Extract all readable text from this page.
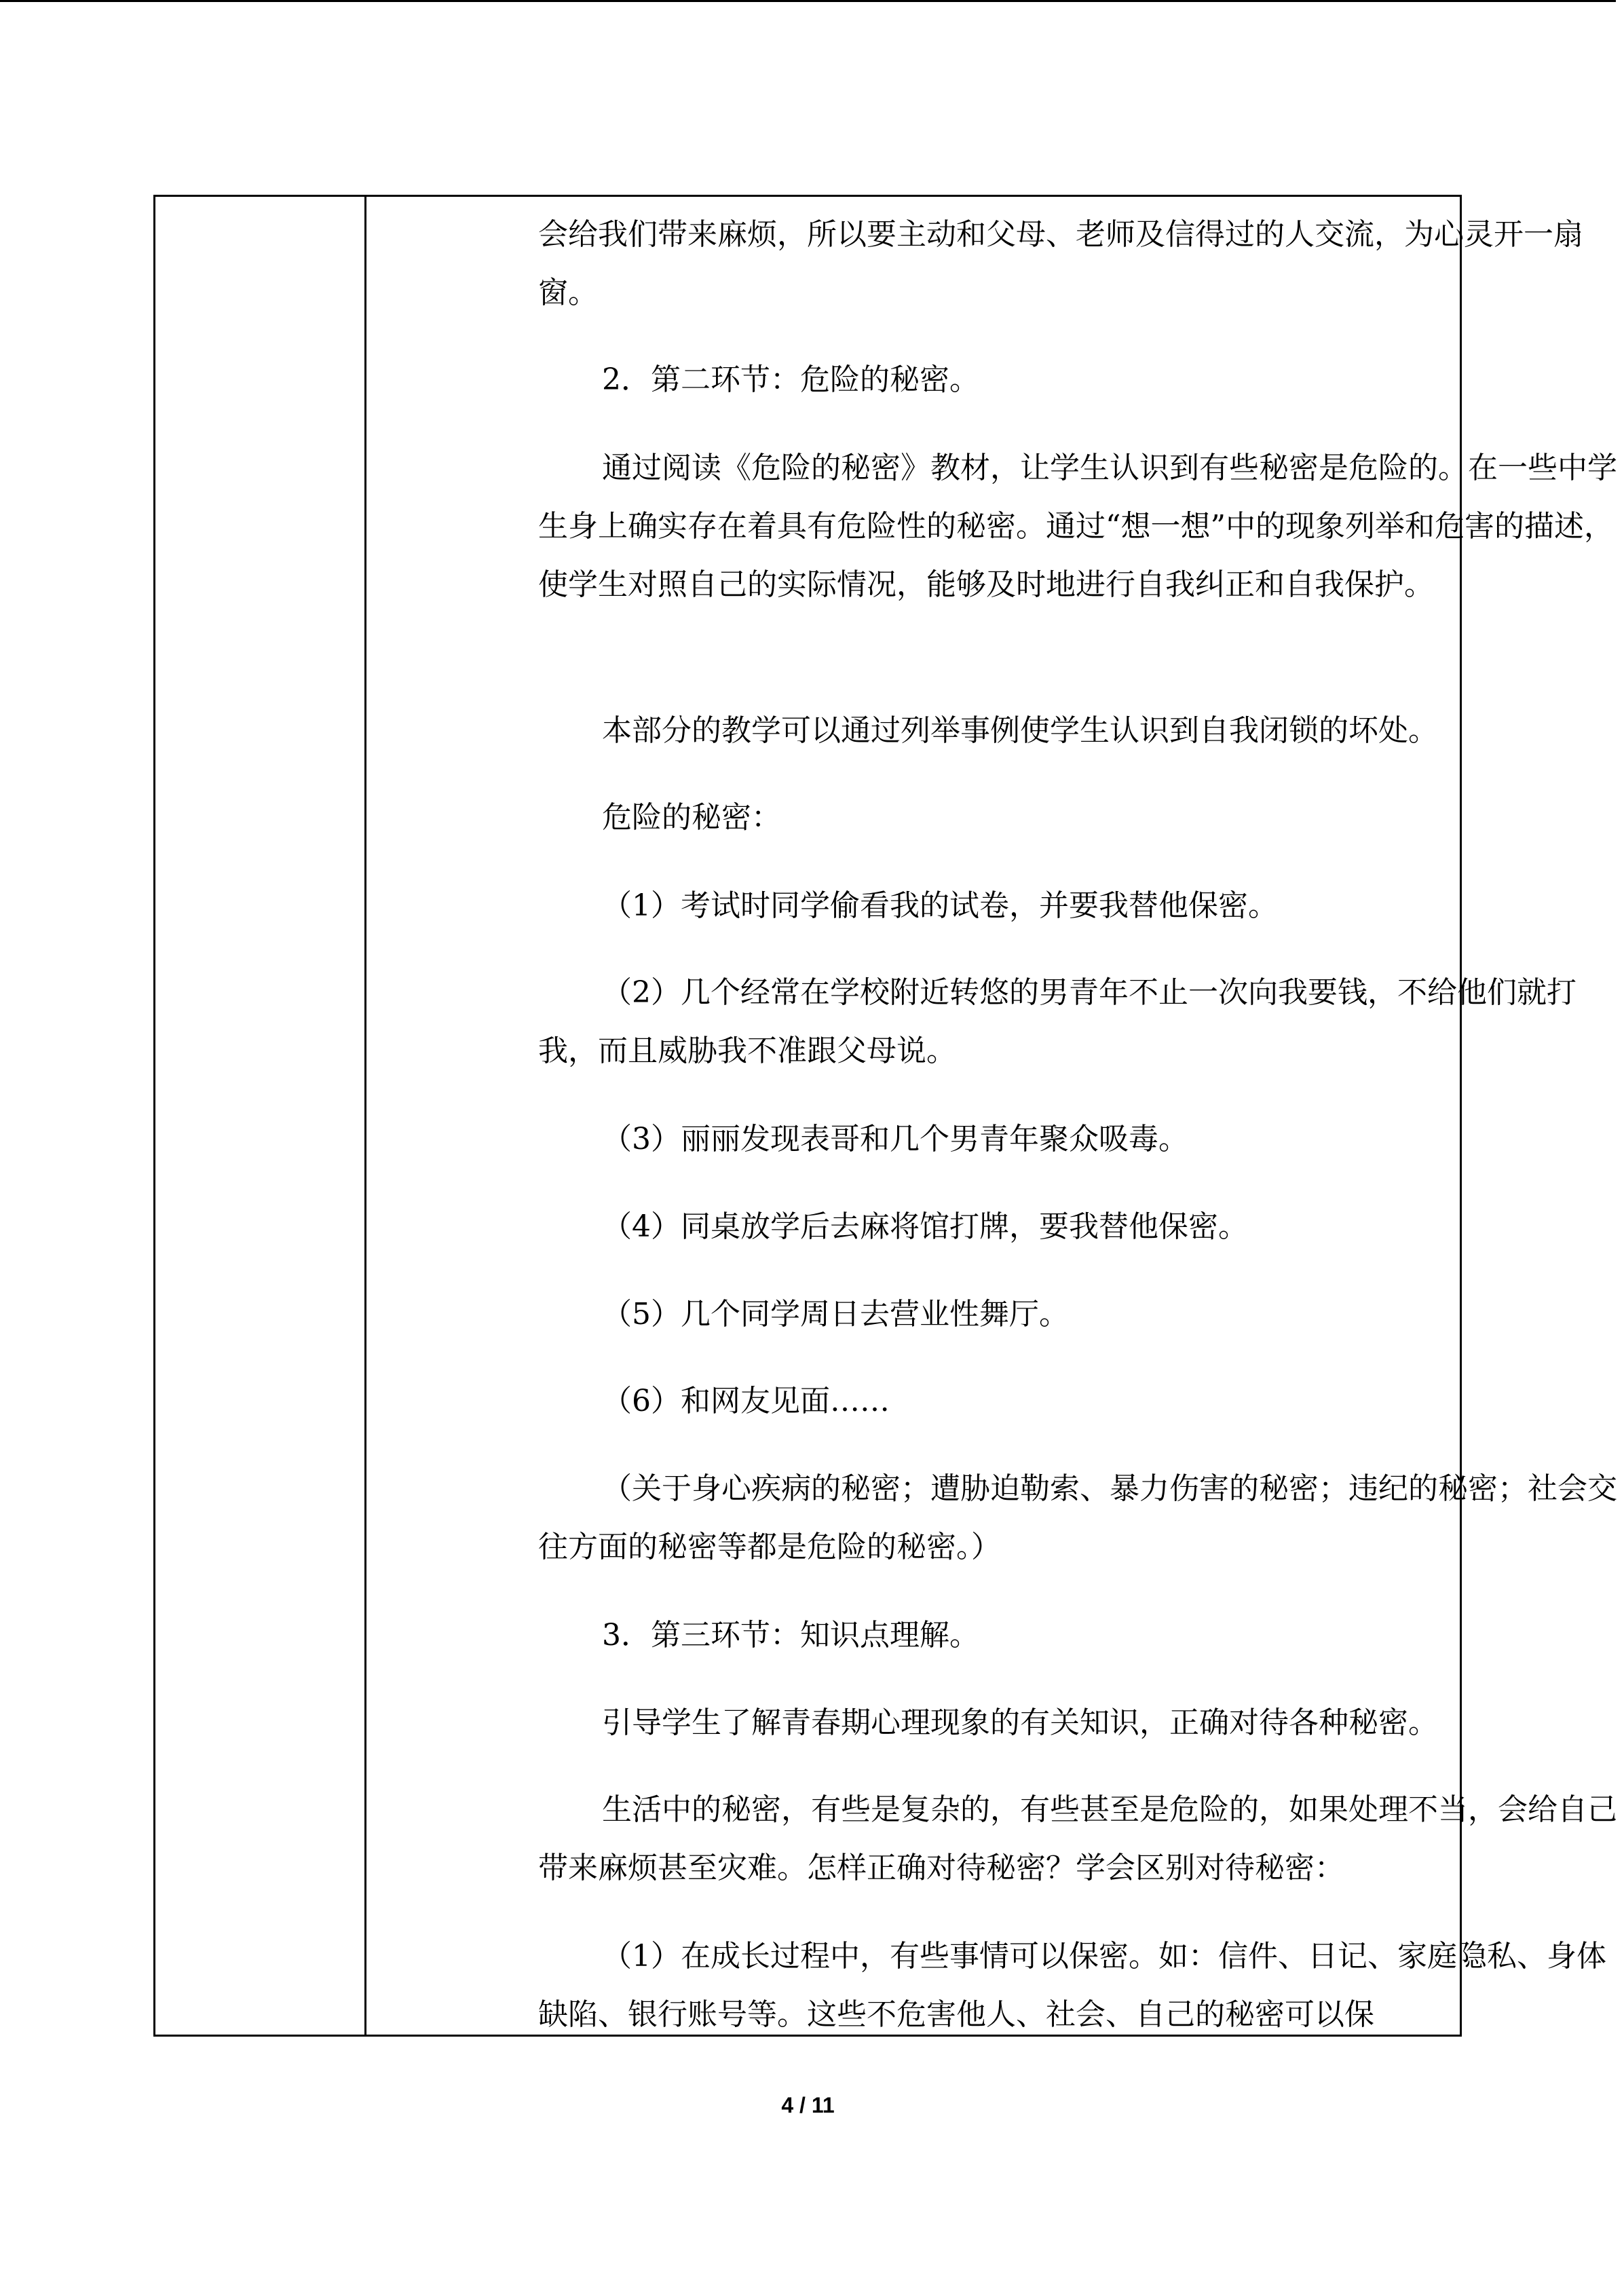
会给我们带来麻烦，所以要主动和父母、老师及信得过的人交流，为心灵开一扇窗。

2．第二环节：危险的秘密。

通过阅读《危险的秘密》教材，让学生认识到有些秘密是危险的。在一些中学生身上确实存在着具有危险性的秘密。通过“想一想”中的现象列举和危害的描述，使学生对照自己的实际情况，能够及时地进行自我纠正和自我保护。

本部分的教学可以通过列举事例使学生认识到自我闭锁的坏处。

危险的秘密：

（1）考试时同学偷看我的试卷，并要我替他保密。

（2）几个经常在学校附近转悠的男青年不止一次向我要钱，不给他们就打我，而且威胁我不准跟父母说。

（3）丽丽发现表哥和几个男青年聚众吸毒。

（4）同桌放学后去麻将馆打牌，要我替他保密。

（5）几个同学周日去营业性舞厅。

（6）和网友见面……

（关于身心疾病的秘密；遭胁迫勒索、暴力伤害的秘密；违纪的秘密；社会交往方面的秘密等都是危险的秘密。）

3．第三环节：知识点理解。

引导学生了解青春期心理现象的有关知识，正确对待各种秘密。

生活中的秘密，有些是复杂的，有些甚至是危险的，如果处理不当，会给自己带来麻烦甚至灾难。怎样正确对待秘密？学会区别对待秘密：

（1）在成长过程中，有些事情可以保密。如：信件、日记、家庭隐私、身体缺陷、银行账号等。这些不危害他人、社会、自己的秘密可以保

4 / 11
